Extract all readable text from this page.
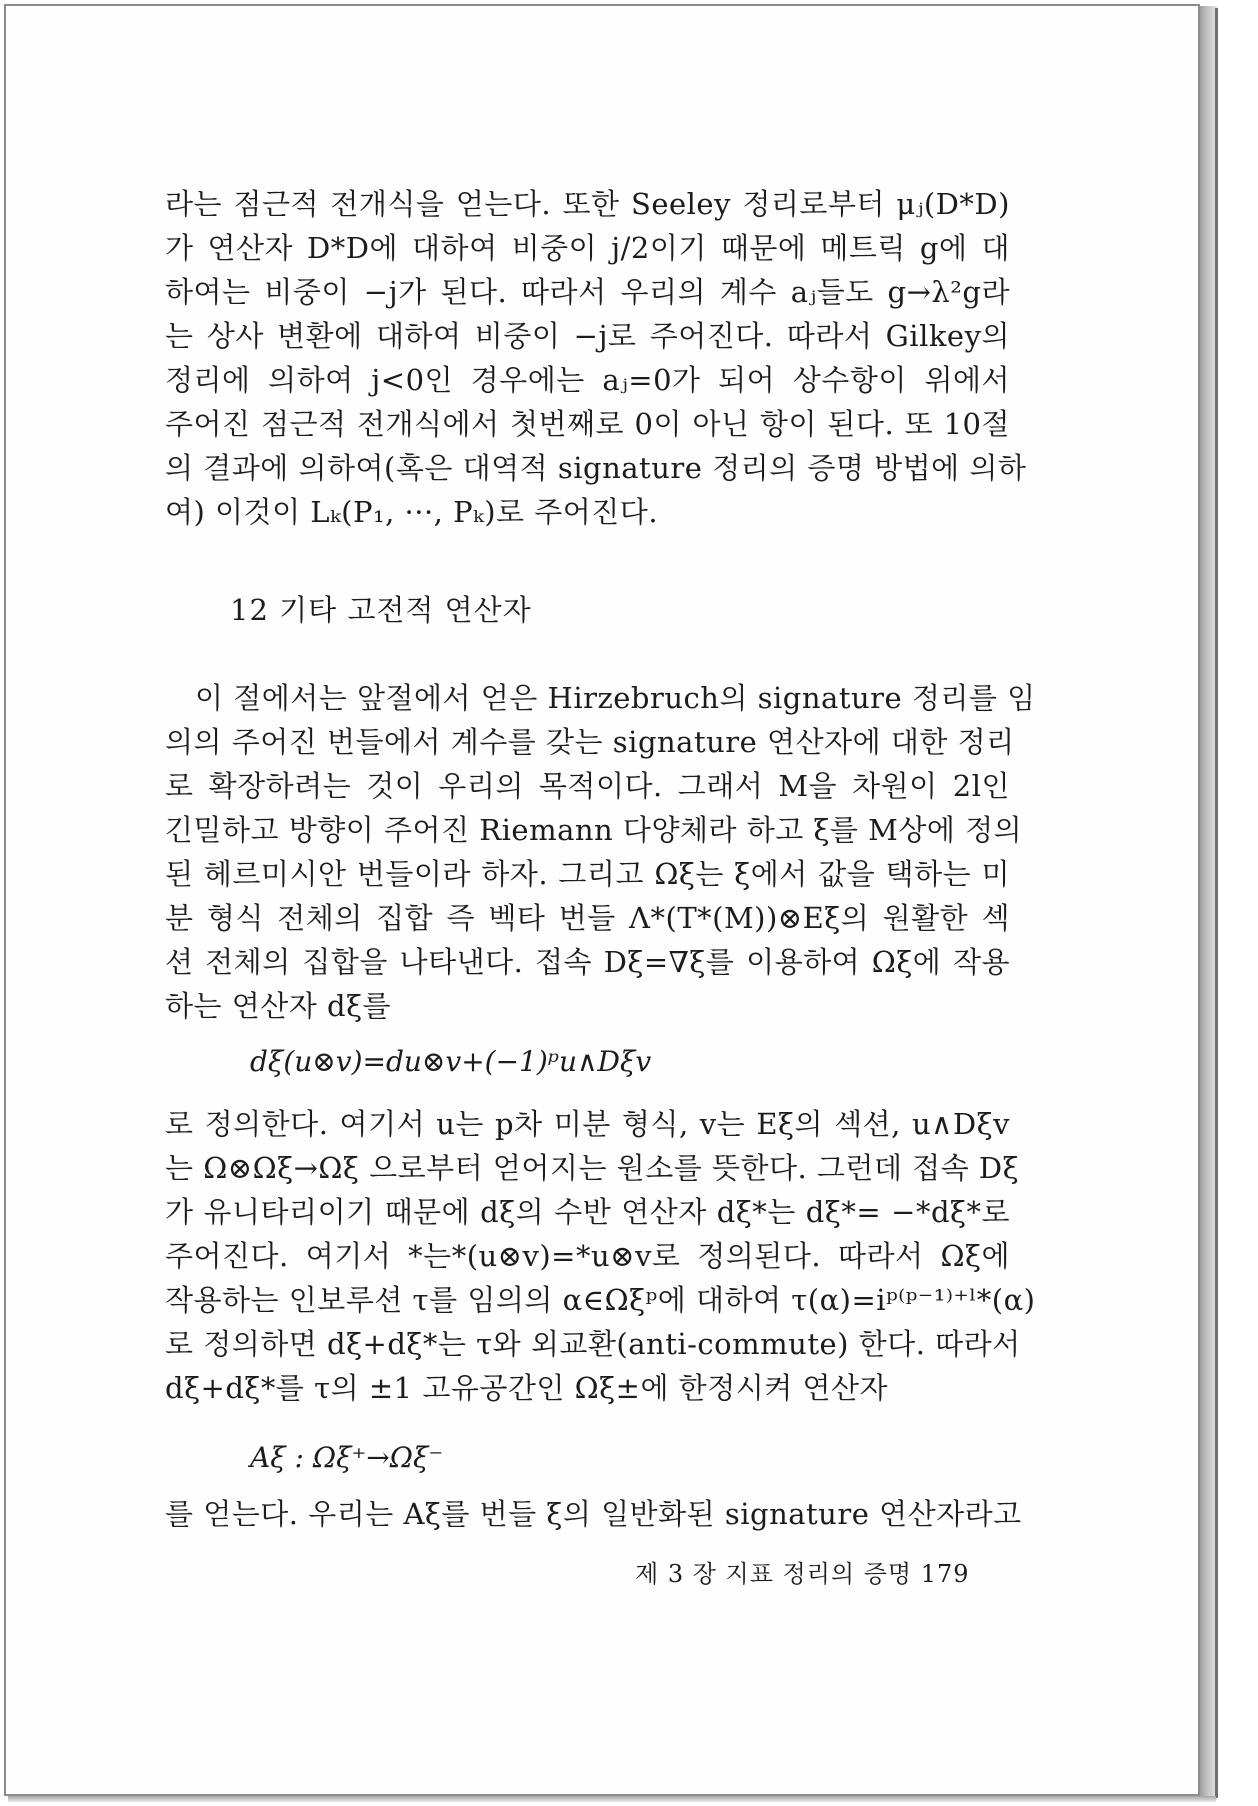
라는 점근적 전개식을 얻는다. 또한 Seeley 정리로부터 μⱼ(D*D)
가 연산자 D*D에 대하여 비중이 j/2이기 때문에 메트릭 g에 대
하여는 비중이 −j가 된다. 따라서 우리의 계수 aⱼ들도 g→λ²g라
는 상사 변환에 대하여 비중이 −j로 주어진다. 따라서 Gilkey의
정리에 의하여 j<0인 경우에는 aⱼ=0가 되어 상수항이 위에서
주어진 점근적 전개식에서 첫번째로 0이 아닌 항이 된다. 또 10절
의 결과에 의하여(혹은 대역적 signature 정리의 증명 방법에 의하
여) 이것이 Lₖ(P₁, ···, Pₖ)로 주어진다.
12 기타 고전적 연산자
이 절에서는 앞절에서 얻은 Hirzebruch의 signature 정리를 임
의의 주어진 번들에서 계수를 갖는 signature 연산자에 대한 정리
로 확장하려는 것이 우리의 목적이다. 그래서 M을 차원이 2l인
긴밀하고 방향이 주어진 Riemann 다양체라 하고 ξ를 M상에 정의
된 헤르미시안 번들이라 하자. 그리고 Ωξ는 ξ에서 값을 택하는 미
분 형식 전체의 집합 즉 벡타 번들 Λ*(T*(M))⊗Eξ의 원활한 섹
션 전체의 집합을 나타낸다. 접속 Dξ=∇ξ를 이용하여 Ωξ에 작용
하는 연산자 dξ를
dξ(u⊗v)=du⊗v+(−1)ᵖu∧Dξv
로 정의한다. 여기서 u는 p차 미분 형식, v는 Eξ의 섹션, u∧Dξv
는 Ω⊗Ωξ→Ωξ 으로부터 얻어지는 원소를 뜻한다. 그런데 접속 Dξ
가 유니타리이기 때문에 dξ의 수반 연산자 dξ*는 dξ*= −*dξ*로
주어진다. 여기서 *는*(u⊗v)=*u⊗v로 정의된다. 따라서 Ωξ에
작용하는 인보루션 τ를 임의의 α∈Ωξᵖ에 대하여 τ(α)=iᵖ⁽ᵖ⁻¹⁾⁺ˡ*(α)
로 정의하면 dξ+dξ*는 τ와 외교환(anti-commute) 한다. 따라서
dξ+dξ*를 τ의 ±1 고유공간인 Ωξ±에 한정시켜 연산자
Aξ : Ωξ⁺→Ωξ⁻
를 얻는다. 우리는 Aξ를 번들 ξ의 일반화된 signature 연산자라고
제 3 장 지표 정리의 증명 179
